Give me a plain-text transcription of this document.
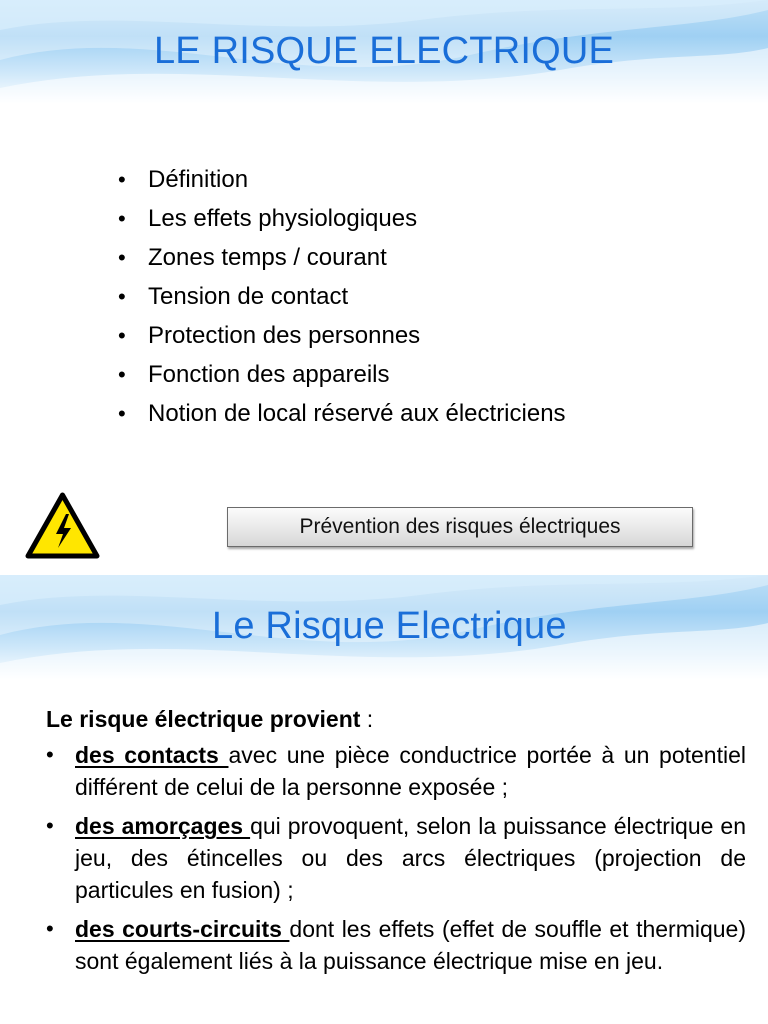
LE RISQUE ELECTRIQUE
• Définition
• Les effets physiologiques
• Zones temps / courant
• Tension de contact
• Protection des personnes
• Fonction des appareils
• Notion de local réservé aux électriciens
Prévention des risques électriques
Le Risque Electrique

Le risque électrique provient :

• des contacts avec une pièce conductrice portée à un potentiel différent de celui de la personne exposée ;

• des amorçages qui provoquent, selon la puissance électrique en jeu, des étincelles ou des arcs électriques (projection de particules en fusion) ;

• des courts-circuits dont les effets (effet de souffle et thermique) sont également liés à la puissance électrique mise en jeu.
